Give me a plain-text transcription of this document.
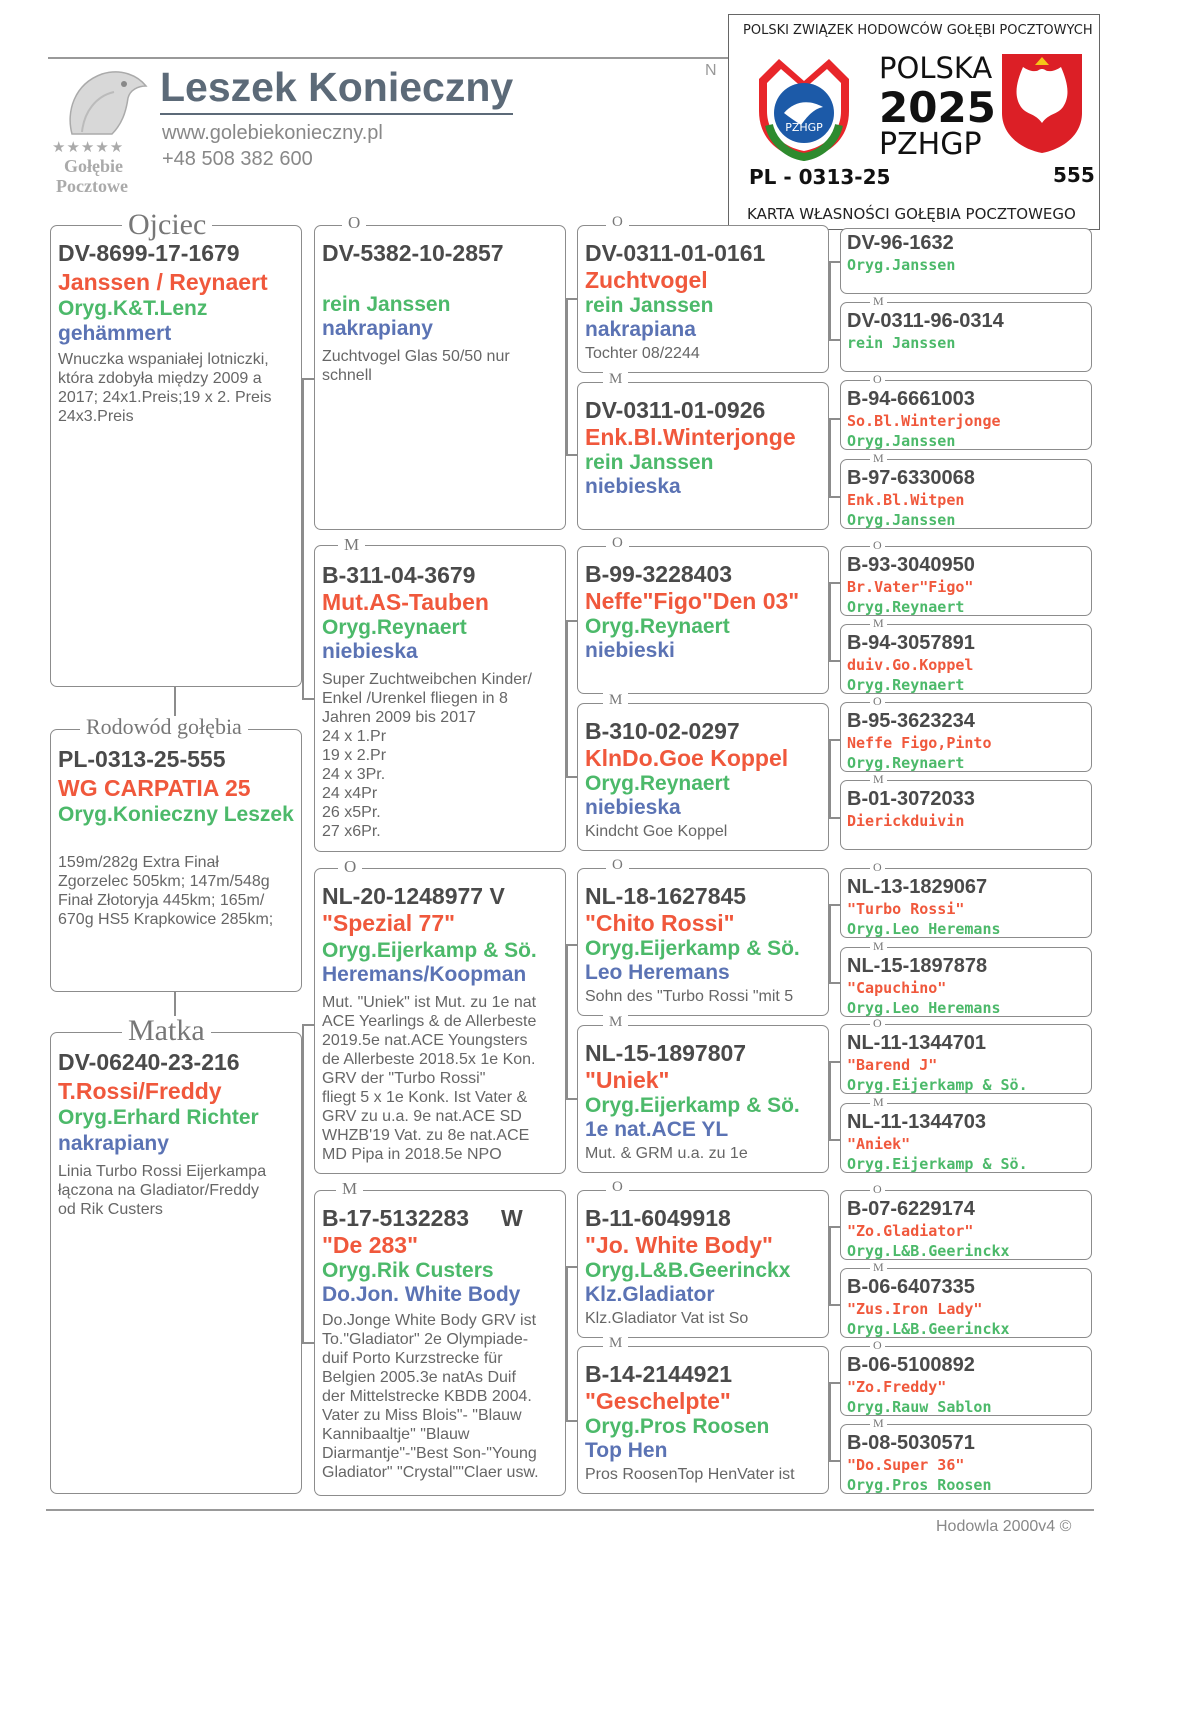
★★★★★
Gołębie
Pocztowe
Leszek Konieczny
www.golebiekonieczny.pl
+48 508 382 600
N
POLSKI ZWIĄZEK HODOWCÓW GOŁĘBI POCZTOWYCH
PZHGP
POLSKA
2025
PZHGP
PL - 0313-25	555
KARTA WŁASNOŚCI GOŁĘBIA POCZTOWEGO
DV-8699-17-1679
Janssen / Reynaert
Oryg.K&T.Lenz
gehämmert
Wnuczka wspaniałej lotniczki,
która zdobyła między 2009 a
2017; 24x1.Preis;19 x 2. Preis
24x3.Preis
Ojciec
PL-0313-25-555
WG CARPATIA 25
Oryg.Konieczny Leszek
159m/282g Extra Finał
Zgorzelec 505km; 147m/548g
Finał Złotoryja 445km; 165m/
670g HS5 Krapkowice 285km;
Rodowód gołębia
DV-06240-23-216
T.Rossi/Freddy
Oryg.Erhard Richter
nakrapiany
Linia Turbo Rossi Eijerkampa
łączona na Gladiator/Freddy
od Rik Custers
Matka
DV-5382-10-2857
rein Janssen
nakrapiany
Zuchtvogel Glas 50/50 nur
schnell
O
B-311-04-3679
Mut.AS-Tauben
Oryg.Reynaert
niebieska
Super Zuchtweibchen Kinder/
Enkel /Urenkel fliegen in 8
Jahren 2009 bis 2017
24 x 1.Pr
19 x 2.Pr
24 x 3Pr.
24 x4Pr
26 x5Pr.
27 x6Pr.
M
NL-20-1248977 V
"Spezial 77"
Oryg.Eijerkamp & Sö.
Heremans/Koopman
Mut. "Uniek" ist Mut. zu 1e nat
ACE Yearlings & de Allerbeste
2019.5e nat.ACE Youngsters
de Allerbeste 2018.5x 1e Kon.
GRV der "Turbo Rossi"
fliegt 5 x 1e Konk. Ist Vater &
GRV zu u.a. 9e nat.ACE SD
WHZB'19 Vat. zu 8e nat.ACE
MD Pipa in 2018.5e NPO
O
B-17-5132283     W
"De 283"
Oryg.Rik Custers
Do.Jon. White Body
Do.Jonge White Body GRV ist
To."Gladiator" 2e Olympiade-
duif Porto Kurzstrecke für
Belgien 2005.3e natAs Duif
der Mittelstrecke KBDB 2004.
Vater zu Miss Blois"- "Blauw
Kannibaaltje" "Blauw
Diarmantje"-"Best Son-"Young
Gladiator" "Crystal""Claer usw.
M
DV-0311-01-0161
Zuchtvogel
rein Janssen
nakrapiana
Tochter 08/2244
O
DV-0311-01-0926
Enk.Bl.Winterjonge
rein Janssen
niebieska
M
B-99-3228403
Neffe"Figo"Den 03"
Oryg.Reynaert
niebieski
O
B-310-02-0297
KlnDo.Goe Koppel
Oryg.Reynaert
niebieska
Kindcht Goe Koppel
M
NL-18-1627845
"Chito Rossi"
Oryg.Eijerkamp & Sö.
Leo Heremans
Sohn des "Turbo Rossi "mit 5
O
NL-15-1897807
"Uniek"
Oryg.Eijerkamp & Sö.
1e nat.ACE YL
Mut. & GRM u.a. zu 1e
M
B-11-6049918
"Jo. White Body"
Oryg.L&B.Geerinckx
Klz.Gladiator
Klz.Gladiator Vat ist So
O
B-14-2144921
"Geschelpte"
Oryg.Pros Roosen
Top Hen
Pros RoosenTop HenVater ist
M
DV-96-1632
Oryg.Janssen
DV-0311-96-0314
rein Janssen
M
B-94-6661003
So.Bl.Winterjonge
Oryg.Janssen
O
B-97-6330068
Enk.Bl.Witpen
Oryg.Janssen
M
B-93-3040950
Br.Vater"Figo"
Oryg.Reynaert
O
B-94-3057891
duiv.Go.Koppel
Oryg.Reynaert
M
B-95-3623234
Neffe Figo,Pinto
Oryg.Reynaert
O
B-01-3072033
Dierickduivin
M
NL-13-1829067
"Turbo Rossi"
Oryg.Leo Heremans
O
NL-15-1897878
"Capuchino"
Oryg.Leo Heremans
M
NL-11-1344701
"Barend J"
Oryg.Eijerkamp & Sö.
O
NL-11-1344703
"Aniek"
Oryg.Eijerkamp & Sö.
M
B-07-6229174
"Zo.Gladiator"
Oryg.L&B.Geerinckx
O
B-06-6407335
"Zus.Iron Lady"
Oryg.L&B.Geerinckx
M
B-06-5100892
"Zo.Freddy"
Oryg.Rauw Sablon
O
B-08-5030571
"Do.Super 36"
Oryg.Pros Roosen
M
Hodowla 2000v4 ©
